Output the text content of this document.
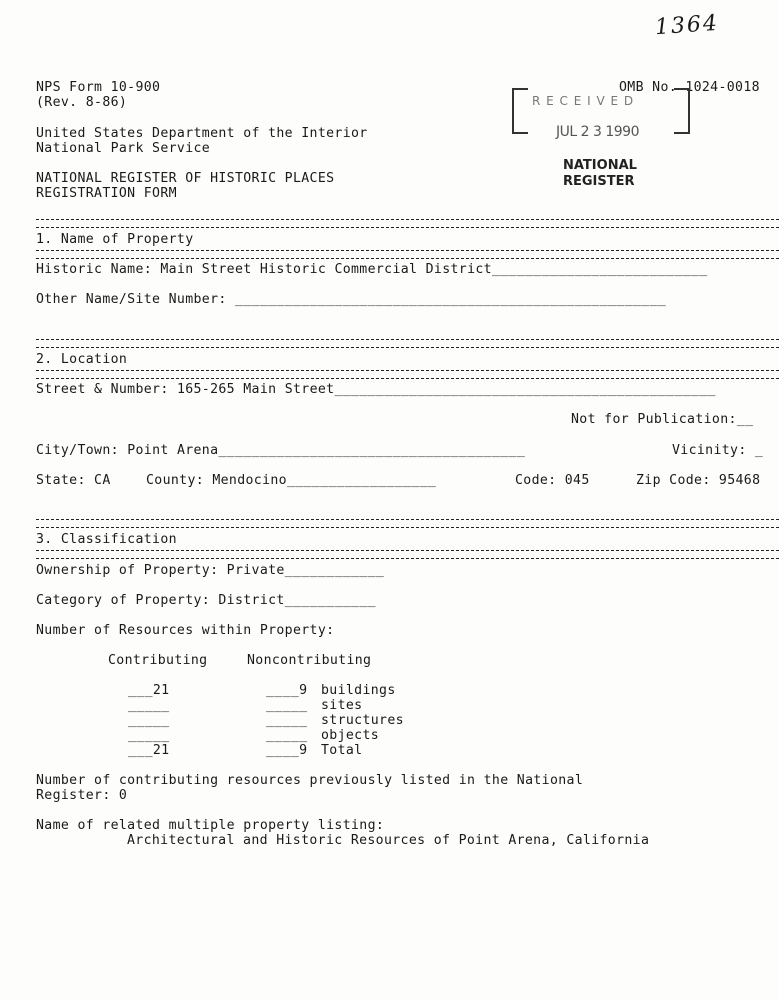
1364
NPS Form 10-900
(Rev. 8-86)
OMB No. 1024-0018
United States Department of the Interior
National Park Service
NATIONAL REGISTER OF HISTORIC PLACES
REGISTRATION FORM
R E C E I V E D
JUL 2 3 1990
NATIONAL
REGISTER
1. Name of Property
Historic Name: Main Street Historic Commercial District__________________________
Other Name/Site Number: ____________________________________________________
2. Location
Street & Number: 165-265 Main Street______________________________________________
Not for Publication:__
City/Town: Point Arena_____________________________________	Vicinity: _
State: CA	County: Mendocino__________________	Code: 045	Zip Code: 95468
3. Classification
Ownership of Property: Private____________
Category of Property: District___________
Number of Resources within Property:
Contributing	Noncontributing
___21	____9 buildings
_____	_____ sites
_____	_____ structures
_____	_____ objects
___21	____9 Total
Number of contributing resources previously listed in the National
Register: 0
Name of related multiple property listing:
Architectural and Historic Resources of Point Arena, California
